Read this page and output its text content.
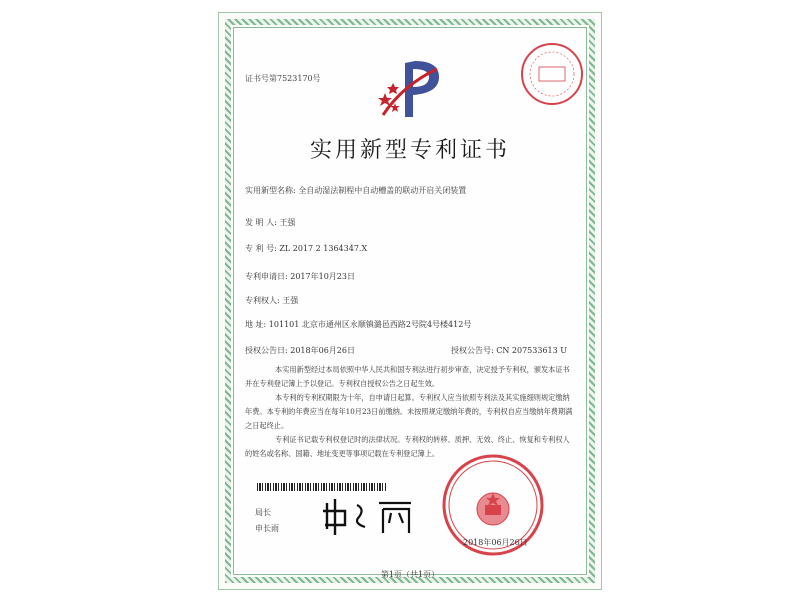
证书号第7523170号
实用新型专利证书
实用新型名称: 全自动湿法制程中自动槽盖的联动开启关闭装置
发 明 人: 王强
专 利 号: ZL 2017 2 1364347.X
专利申请日: 2017年10月23日
专利权人: 王强
地 址: 101101 北京市通州区永顺镇潞邑西路2号院4号楼412号
授权公告日: 2018年06月26日	授权公告号: CN 207533613 U
本实用新型经过本局依照中华人民共和国专利法进行初步审查，决定授予专利权，颁发本证书并在专利登记簿上予以登记。专利权自授权公告之日起生效。
本专利的专利权期限为十年，自申请日起算。专利权人应当依照专利法及其实施细则规定缴纳年费。本专利的年费应当在每年10月23日前缴纳。未按照规定缴纳年费的，专利权自应当缴纳年费期满之日起终止。
专利证书记载专利权登记时的法律状况。专利权的转移、质押、无效、终止、恢复和专利权人的姓名或名称、国籍、地址变更等事项记载在专利登记簿上。
局长
申长雨
2018年06月26日
第1页（共1页）
